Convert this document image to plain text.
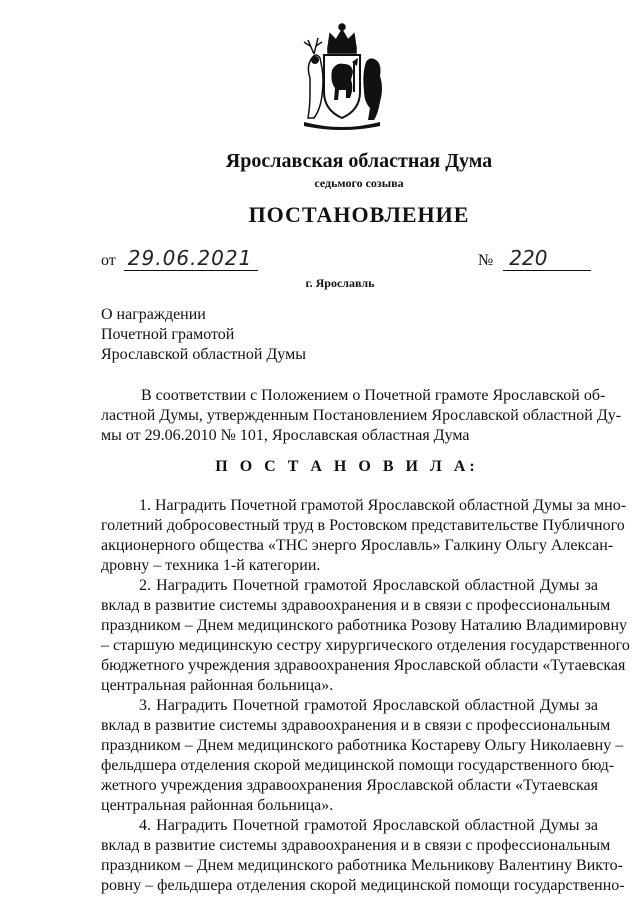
Ярославская областная Дума
седьмого созыва
ПОСТАНОВЛЕНИЕ
от 29.06.2021	№ 220
г. Ярославль
О награждении
Почетной грамотой
Ярославской областной Думы
В соответствии с Положением о Почетной грамоте Ярославской об-
ластной Думы, утвержденным Постановлением Ярославской областной Ду-
мы от 29.06.2010 № 101, Ярославская областная Дума
П О С Т А Н О В И Л А:
1. Наградить Почетной грамотой Ярославской областной Думы за мно-
голетний добросовестный труд в Ростовском представительстве Публичного
акционерного общества «ТНС энерго Ярославль» Галкину Ольгу Алексан-
дровну – техника 1-й категории.
2. Наградить Почетной грамотой Ярославской областной Думы за
вклад в развитие системы здравоохранения и в связи с профессиональным
праздником – Днем медицинского работника Розову Наталию Владимировну
– старшую медицинскую сестру хирургического отделения государственного
бюджетного учреждения здравоохранения Ярославской области «Тутаевская
центральная районная больница».
3. Наградить Почетной грамотой Ярославской областной Думы за
вклад в развитие системы здравоохранения и в связи с профессиональным
праздником – Днем медицинского работника Костареву Ольгу Николаевну –
фельдшера отделения скорой медицинской помощи государственного бюд-
жетного учреждения здравоохранения Ярославской области «Тутаевская
центральная районная больница».
4. Наградить Почетной грамотой Ярославской областной Думы за
вклад в развитие системы здравоохранения и в связи с профессиональным
праздником – Днем медицинского работника Мельникову Валентину Викто-
ровну – фельдшера отделения скорой медицинской помощи государственно-
